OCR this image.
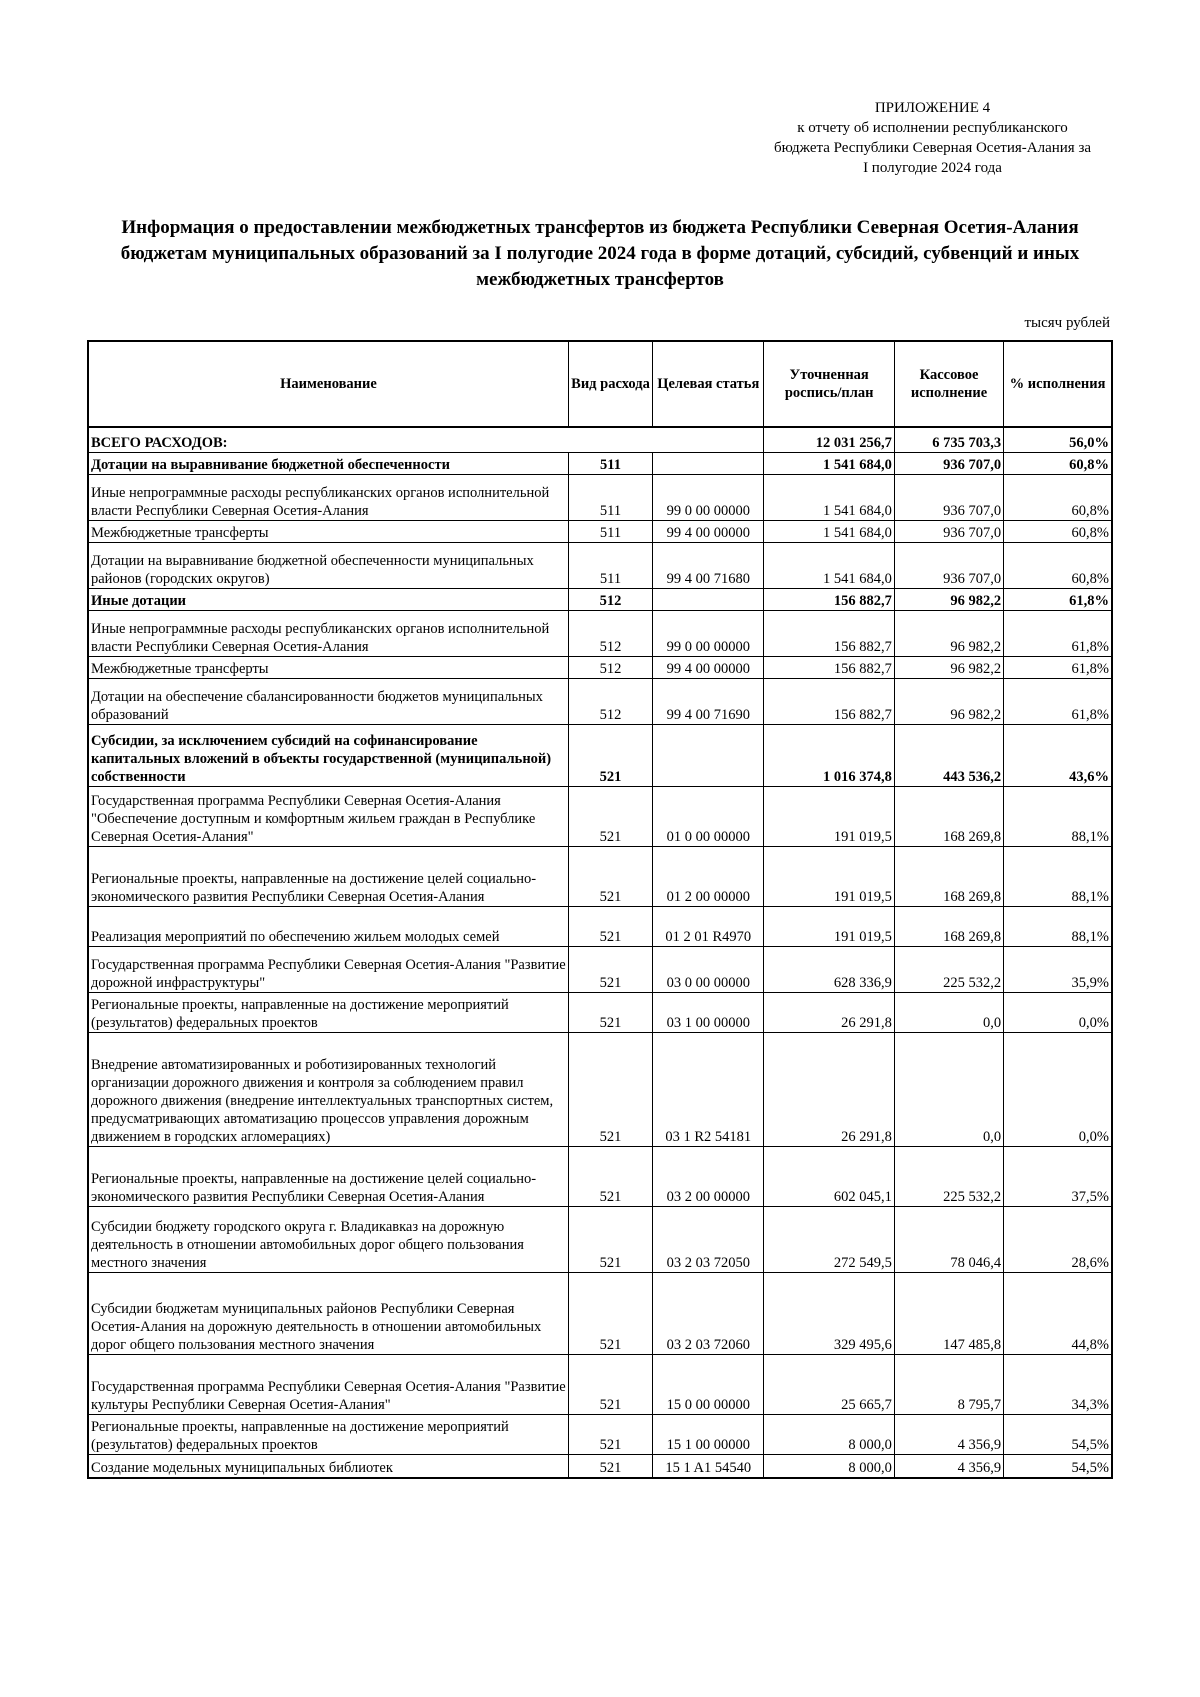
ПРИЛОЖЕНИЕ 4
к отчету об исполнении республиканского
бюджета Республики Северная Осетия-Алания за
I полугодие 2024 года
Информация о предоставлении межбюджетных трансфертов из бюджета Республики Северная Осетия-Алания
бюджетам муниципальных образований за I полугодие 2024 года в форме дотаций, субсидий, субвенций и иных
межбюджетных трансфертов
тысяч рублей
Наименование	Вид расхода	Целевая статья	Уточненная роспись/план	Кассовое исполнение	% исполнения
ВСЕГО РАСХОДОВ:			12 031 256,7	6 735 703,3	56,0%
Дотации на выравнивание бюджетной обеспеченности	511		1 541 684,0	936 707,0	60,8%
Иные непрограммные расходы республиканских органов исполнительной власти Республики Северная Осетия-Алания	511	99 0 00 00000	1 541 684,0	936 707,0	60,8%
Межбюджетные трансферты	511	99 4 00 00000	1 541 684,0	936 707,0	60,8%
Дотации на выравнивание бюджетной обеспеченности муниципальных районов (городских округов)	511	99 4 00 71680	1 541 684,0	936 707,0	60,8%
Иные дотации	512		156 882,7	96 982,2	61,8%
Иные непрограммные расходы республиканских органов исполнительной власти Республики Северная Осетия-Алания	512	99 0 00 00000	156 882,7	96 982,2	61,8%
Межбюджетные трансферты	512	99 4 00 00000	156 882,7	96 982,2	61,8%
Дотации на обеспечение сбалансированности бюджетов муниципальных образований	512	99 4 00 71690	156 882,7	96 982,2	61,8%
Субсидии, за исключением субсидий на софинансирование капитальных вложений в объекты государственной (муниципальной) собственности	521		1 016 374,8	443 536,2	43,6%
Государственная программа Республики Северная Осетия-Алания "Обеспечение доступным и комфортным жильем граждан в Республике Северная Осетия-Алания"	521	01 0 00 00000	191 019,5	168 269,8	88,1%
Региональные проекты, направленные на достижение целей социально-экономического развития Республики Северная Осетия-Алания	521	01 2 00 00000	191 019,5	168 269,8	88,1%
Реализация мероприятий по обеспечению жильем молодых семей	521	01 2 01 R4970	191 019,5	168 269,8	88,1%
Государственная программа Республики Северная Осетия-Алания "Развитие дорожной инфраструктуры"	521	03 0 00 00000	628 336,9	225 532,2	35,9%
Региональные проекты, направленные на достижение мероприятий (результатов) федеральных проектов	521	03 1 00 00000	26 291,8	0,0	0,0%
Внедрение автоматизированных и роботизированных технологий организации дорожного движения и контроля за соблюдением правил дорожного движения (внедрение интеллектуальных транспортных систем, предусматривающих автоматизацию процессов управления дорожным движением в городских агломерациях)	521	03 1 R2 54181	26 291,8	0,0	0,0%
Региональные проекты, направленные на достижение целей социально-экономического развития Республики Северная Осетия-Алания	521	03 2 00 00000	602 045,1	225 532,2	37,5%
Субсидии бюджету городского округа г. Владикавказ на дорожную деятельность в отношении автомобильных дорог общего пользования местного значения	521	03 2 03 72050	272 549,5	78 046,4	28,6%
Субсидии бюджетам муниципальных районов Республики Северная Осетия-Алания на дорожную деятельность в отношении автомобильных дорог общего пользования местного значения	521	03 2 03 72060	329 495,6	147 485,8	44,8%
Государственная программа Республики Северная Осетия-Алания "Развитие культуры Республики Северная Осетия-Алания"	521	15 0 00 00000	25 665,7	8 795,7	34,3%
Региональные проекты, направленные на достижение мероприятий (результатов) федеральных проектов	521	15 1 00 00000	8 000,0	4 356,9	54,5%
Создание модельных муниципальных библиотек	521	15 1 A1 54540	8 000,0	4 356,9	54,5%
